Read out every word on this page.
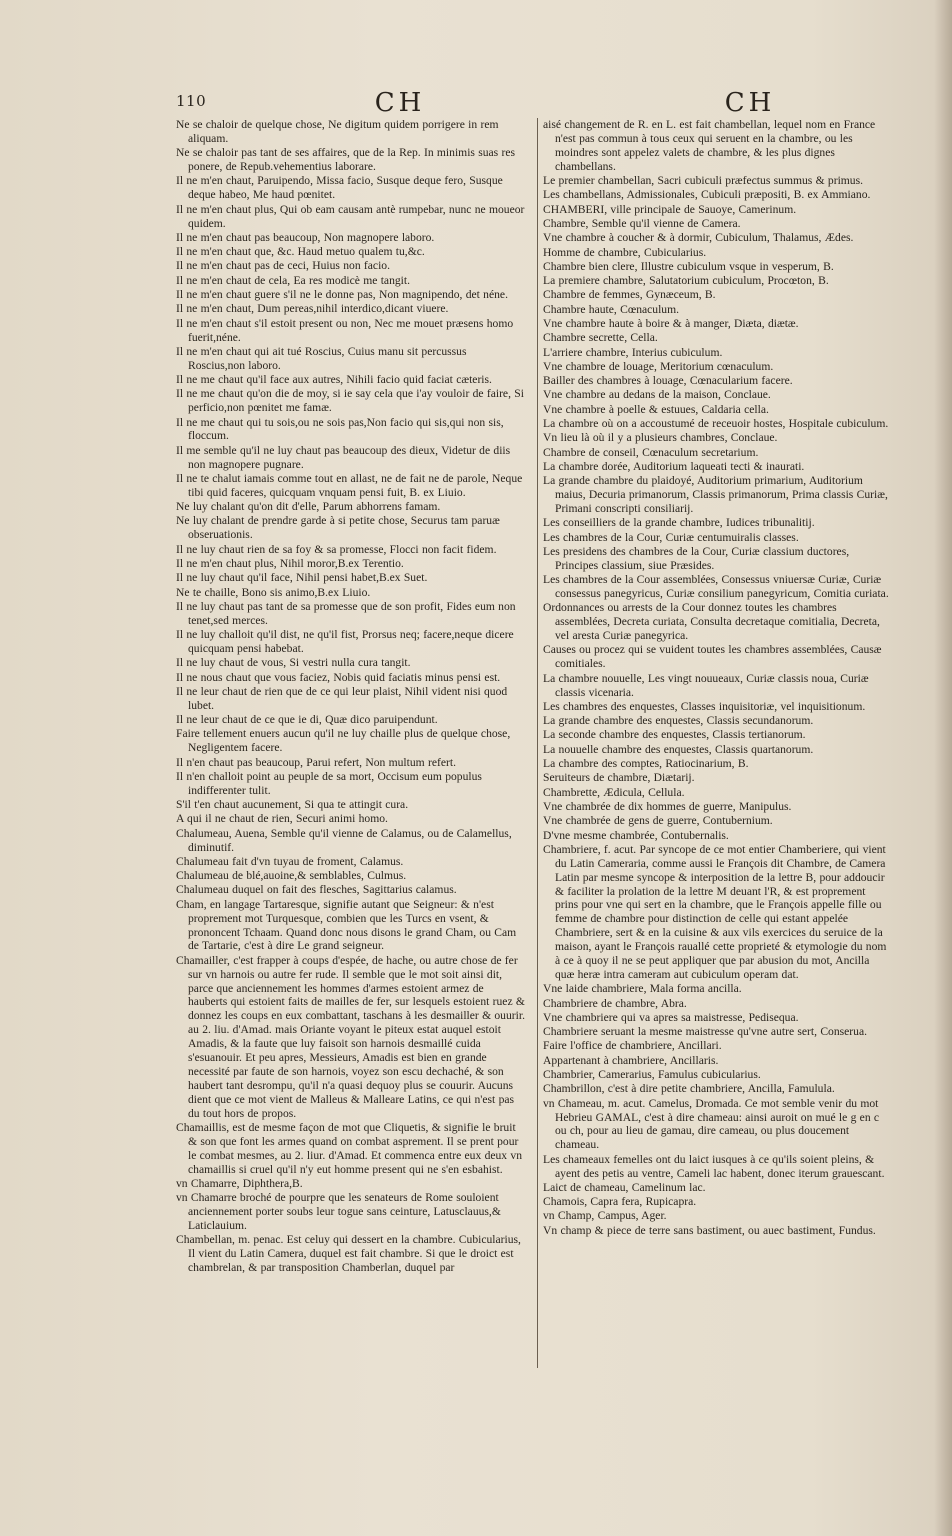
110	CH	CH

Ne se chaloir de quelque chose, Ne digitum quidem porrigere in rem aliquam.

Ne se chaloir pas tant de ses affaires, que de la Rep. In minimis suas res ponere, de Repub.vehementius laborare.

Il ne m'en chaut, Paruipendo, Missa facio, Susque deque fero, Susque deque habeo, Me haud pœnitet.

Il ne m'en chaut plus, Qui ob eam causam antè rumpebar, nunc ne moueor quidem.

Il ne m'en chaut pas beaucoup, Non magnopere laboro.

Il ne m'en chaut que, &c. Haud metuo qualem tu,&c.

Il ne m'en chaut pas de ceci, Huius non facio.

Il ne m'en chaut de cela, Ea res modicè me tangit.

Il ne m'en chaut guere s'il ne le donne pas, Non magnipendo, det néne.

Il ne m'en chaut, Dum pereas,nihil interdico,dicant viuere.

Il ne m'en chaut s'il estoit present ou non, Nec me mouet præsens homo fuerit,néne.

Il ne m'en chaut qui ait tué Roscius, Cuius manu sit percussus Roscius,non laboro.

Il ne me chaut qu'il face aux autres, Nihili facio quid faciat cæteris.

Il ne me chaut qu'on die de moy, si ie say cela que i'ay vouloir de faire, Si perficio,non pœnitet me famæ.

Il ne me chaut qui tu sois,ou ne sois pas,Non facio qui sis,qui non sis, floccum.

Il me semble qu'il ne luy chaut pas beaucoup des dieux, Videtur de diis non magnopere pugnare.

Il ne te chalut iamais comme tout en allast, ne de fait ne de parole, Neque tibi quid faceres, quicquam vnquam pensi fuit, B. ex Liuio.

Ne luy chalant qu'on dit d'elle, Parum abhorrens famam.

Ne luy chalant de prendre garde à si petite chose, Securus tam paruæ obseruationis.

Il ne luy chaut rien de sa foy & sa promesse, Flocci non facit fidem.

Il ne m'en chaut plus, Nihil moror,B.ex Terentio.

Il ne luy chaut qu'il face, Nihil pensi habet,B.ex Suet.

Ne te chaille, Bono sis animo,B.ex Liuio.

Il ne luy chaut pas tant de sa promesse que de son profit, Fides eum non tenet,sed merces.

Il ne luy challoit qu'il dist, ne qu'il fist, Prorsus neq; facere,neque dicere quicquam pensi habebat.

Il ne luy chaut de vous, Si vestri nulla cura tangit.

Il ne nous chaut que vous faciez, Nobis quid faciatis minus pensi est.

Il ne leur chaut de rien que de ce qui leur plaist, Nihil vident nisi quod lubet.

Il ne leur chaut de ce que ie di, Quæ dico paruipendunt.

Faire tellement enuers aucun qu'il ne luy chaille plus de quelque chose, Negligentem facere.

Il n'en chaut pas beaucoup, Parui refert, Non multum refert.

Il n'en challoit point au peuple de sa mort, Occisum eum populus indifferenter tulit.

S'il t'en chaut aucunement, Si qua te attingit cura.

A qui il ne chaut de rien, Securi animi homo.

Chalumeau, Auena, Semble qu'il vienne de Calamus, ou de Calamellus, diminutif.

Chalumeau fait d'vn tuyau de froment, Calamus.

Chalumeau de blé,auoine,& semblables, Culmus.

Chalumeau duquel on fait des flesches, Sagittarius calamus.

Cham, en langage Tartaresque, signifie autant que Seigneur: & n'est proprement mot Turquesque, combien que les Turcs en vsent, & prononcent Tchaam. Quand donc nous disons le grand Cham, ou Cam de Tartarie, c'est à dire Le grand seigneur.

Chamailler, c'est frapper à coups d'espée, de hache, ou autre chose de fer sur vn harnois ou autre fer rude. Il semble que le mot soit ainsi dit, parce que anciennement les hommes d'armes estoient armez de hauberts qui estoient faits de mailles de fer, sur lesquels estoient ruez & donnez les coups en eux combattant, taschans à les desmailler & ouurir. au 2. liu. d'Amad. mais Oriante voyant le piteux estat auquel estoit Amadis, & la faute que luy faisoit son harnois desmaillé cuida s'esuanouir. Et peu apres, Messieurs, Amadis est bien en grande necessité par faute de son harnois, voyez son escu dechaché, & son haubert tant desrompu, qu'il n'a quasi dequoy plus se couurir. Aucuns dient que ce mot vient de Malleus & Malleare Latins, ce qui n'est pas du tout hors de propos.

Chamaillis, est de mesme façon de mot que Cliquetis, & signifie le bruit & son que font les armes quand on combat asprement. Il se prent pour le combat mesmes, au 2. liur. d'Amad. Et commenca entre eux deux vn chamaillis si cruel qu'il n'y eut homme present qui ne s'en esbahist.

vn Chamarre, Diphthera,B.

vn Chamarre broché de pourpre que les senateurs de Rome souloient anciennement porter soubs leur togue sans ceinture, Latusclauus,& Laticlauium.

Chambellan, m. penac. Est celuy qui dessert en la chambre. Cubicularius, Il vient du Latin Camera, duquel est fait chambre. Si que le droict est chambrelan, & par transposition Chamberlan, duquel par

aisé changement de R. en L. est fait chambellan, lequel nom en France n'est pas commun à tous ceux qui seruent en la chambre, ou les moindres sont appelez valets de chambre, & les plus dignes chambellans.

Le premier chambellan, Sacri cubiculi præfectus summus & primus.

Les chambellans, Admissionales, Cubiculi præpositi, B. ex Ammiano.

CHAMBERI, ville principale de Sauoye, Camerinum.

Chambre, Semble qu'il vienne de Camera.

Vne chambre à coucher & à dormir, Cubiculum, Thalamus, Ædes.

Homme de chambre, Cubicularius.

Chambre bien clere, Illustre cubiculum vsque in vesperum, B.

La premiere chambre, Salutatorium cubiculum, Procœton, B.

Chambre de femmes, Gynæceum, B.

Chambre haute, Cœnaculum.

Vne chambre haute à boire & à manger, Diæta, diætæ.

Chambre secrette, Cella.

L'arriere chambre, Interius cubiculum.

Vne chambre de louage, Meritorium cœnaculum.

Bailler des chambres à louage, Cœnacularium facere.

Vne chambre au dedans de la maison, Conclaue.

Vne chambre à poelle & estuues, Caldaria cella.

La chambre où on a accoustumé de receuoir hostes, Hospitale cubiculum.

Vn lieu là où il y a plusieurs chambres, Conclaue.

Chambre de conseil, Cœnaculum secretarium.

La chambre dorée, Auditorium laqueati tecti & inaurati.

La grande chambre du plaidoyé, Auditorium primarium, Auditorium maius, Decuria primanorum, Classis primanorum, Prima classis Curiæ, Primani conscripti consiliarij.

Les conseilliers de la grande chambre, Iudices tribunalitij.

Les chambres de la Cour, Curiæ centumuiralis classes.

Les presidens des chambres de la Cour, Curiæ classium ductores, Principes classium, siue Præsides.

Les chambres de la Cour assemblées, Consessus vniuersæ Curiæ, Curiæ consessus panegyricus, Curiæ consilium panegyricum, Comitia curiata.

Ordonnances ou arrests de la Cour donnez toutes les chambres assemblées, Decreta curiata, Consulta decretaque comitialia, Decreta, vel aresta Curiæ panegyrica.

Causes ou procez qui se vuident toutes les chambres assemblées, Causæ comitiales.

La chambre nouuelle, Les vingt nouueaux, Curiæ classis noua, Curiæ classis vicenaria.

Les chambres des enquestes, Classes inquisitoriæ, vel inquisitionum.

La grande chambre des enquestes, Classis secundanorum.

La seconde chambre des enquestes, Classis tertianorum.

La nouuelle chambre des enquestes, Classis quartanorum.

La chambre des comptes, Ratiocinarium, B.

Seruiteurs de chambre, Diætarij.

Chambrette, Ædicula, Cellula.

Vne chambrée de dix hommes de guerre, Manipulus.

Vne chambrée de gens de guerre, Contubernium.

D'vne mesme chambrée, Contubernalis.

Chambriere, f. acut. Par syncope de ce mot entier Chamberiere, qui vient du Latin Cameraria, comme aussi le François dit Chambre, de Camera Latin par mesme syncope & interposition de la lettre B, pour addoucir & faciliter la prolation de la lettre M deuant l'R, & est proprement prins pour vne qui sert en la chambre, que le François appelle fille ou femme de chambre pour distinction de celle qui estant appelée Chambriere, sert & en la cuisine & aux vils exercices du seruice de la maison, ayant le François rauallé cette proprieté & etymologie du nom à ce à quoy il ne se peut appliquer que par abusion du mot, Ancilla quæ heræ intra cameram aut cubiculum operam dat.

Vne laide chambriere, Mala forma ancilla.

Chambriere de chambre, Abra.

Vne chambriere qui va apres sa maistresse, Pedisequa.

Chambriere seruant la mesme maistresse qu'vne autre sert, Conserua.

Faire l'office de chambriere, Ancillari.

Appartenant à chambriere, Ancillaris.

Chambrier, Camerarius, Famulus cubicularius.

Chambrillon, c'est à dire petite chambriere, Ancilla, Famulula.

vn Chameau, m. acut. Camelus, Dromada. Ce mot semble venir du mot Hebrieu GAMAL, c'est à dire chameau: ainsi auroit on mué le g en c ou ch, pour au lieu de gamau, dire cameau, ou plus doucement chameau.

Les chameaux femelles ont du laict iusques à ce qu'ils soient pleins, & ayent des petis au ventre, Cameli lac habent, donec iterum grauescant.

Laict de chameau, Camelinum lac.

Chamois, Capra fera, Rupicapra.

vn Champ, Campus, Ager.

Vn champ & piece de terre sans bastiment, ou auec bastiment, Fundus.
